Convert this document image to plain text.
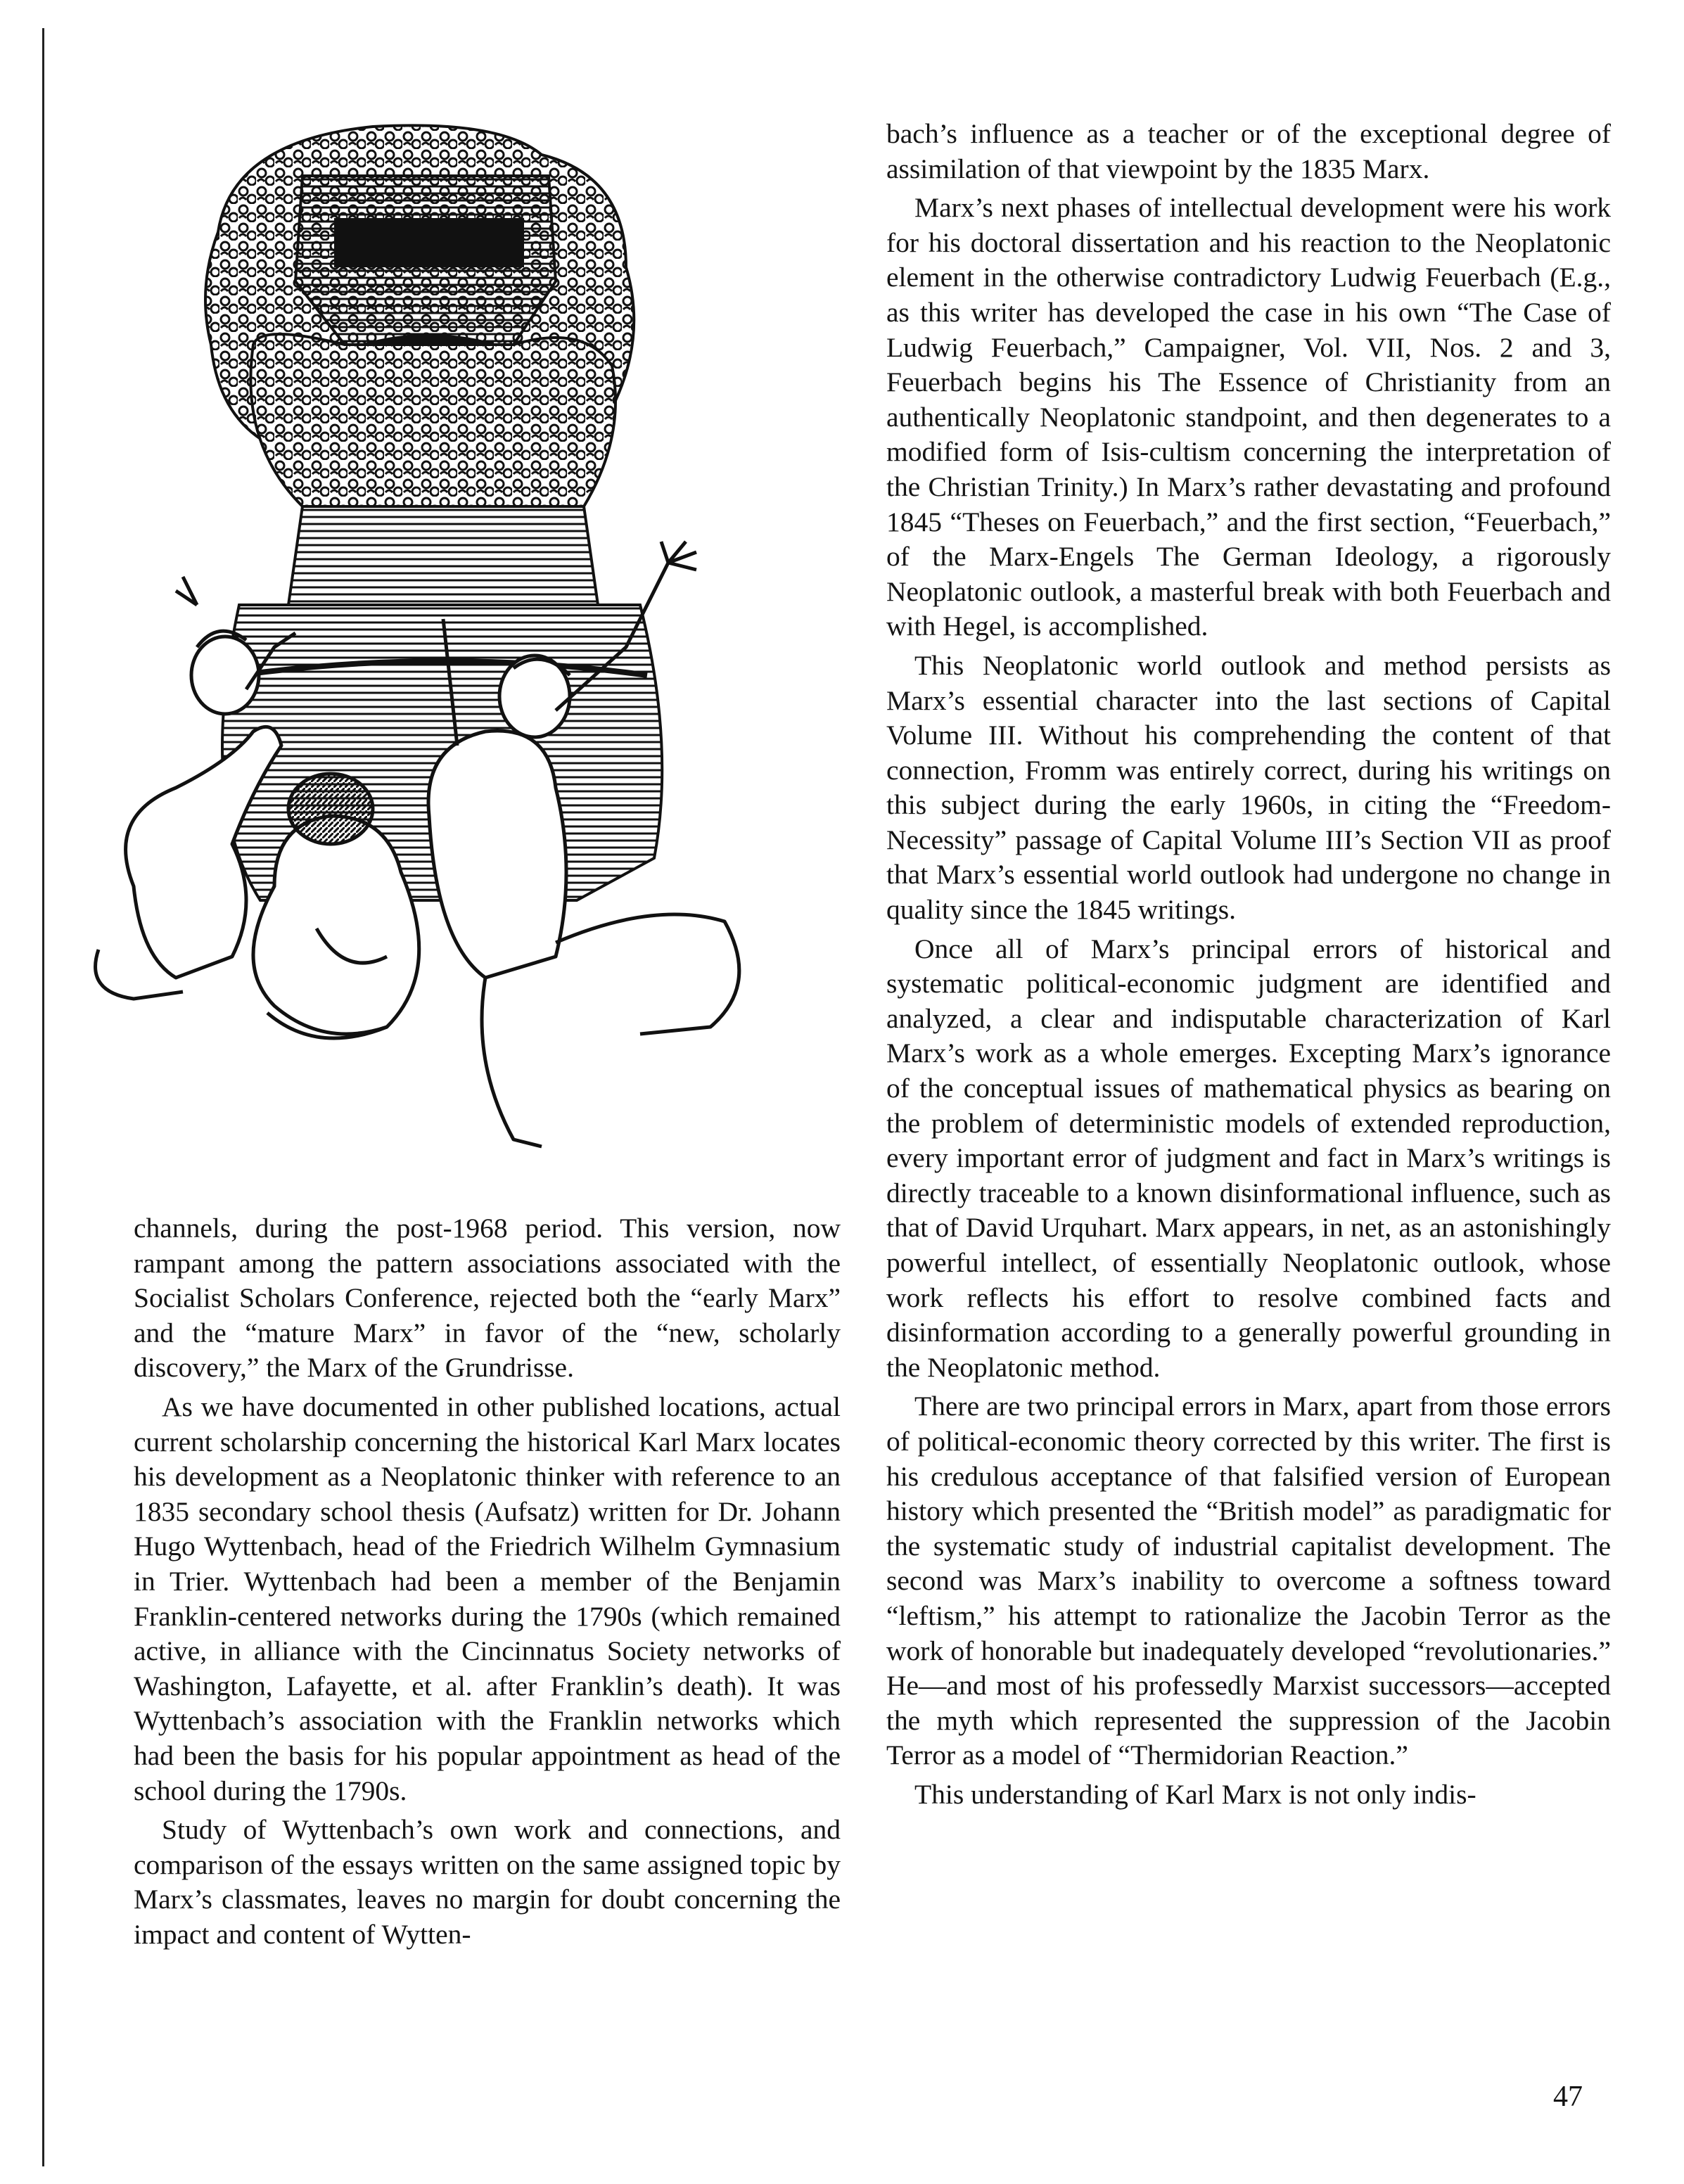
channels, during the post-1968 period. This version, now rampant among the pattern associations associated with the Socialist Scholars Conference, rejected both the “early Marx” and the “mature Marx” in favor of the “new, scholarly discovery,” the Marx of the Grundrisse.

As we have documented in other published locations, actual current scholarship concerning the historical Karl Marx locates his development as a Neoplatonic thinker with reference to an 1835 secondary school thesis (Aufsatz) written for Dr. Johann Hugo Wyttenbach, head of the Friedrich Wilhelm Gymnasium in Trier. Wyttenbach had been a member of the Benjamin Franklin-centered networks during the 1790s (which remained active, in alliance with the Cincinnatus Society networks of Washington, Lafayette, et al. after Franklin’s death). It was Wyttenbach’s association with the Franklin networks which had been the basis for his popular appointment as head of the school during the 1790s.

Study of Wyttenbach’s own work and connections, and comparison of the essays written on the same assigned topic by Marx’s classmates, leaves no margin for doubt concerning the impact and content of Wytten-

bach’s influence as a teacher or of the exceptional degree of assimilation of that viewpoint by the 1835 Marx.

Marx’s next phases of intellectual development were his work for his doctoral dissertation and his reaction to the Neoplatonic element in the otherwise contradictory Ludwig Feuerbach (E.g., as this writer has developed the case in his own “The Case of Ludwig Feuerbach,” Campaigner, Vol. VII, Nos. 2 and 3, Feuerbach begins his The Essence of Christianity from an authentically Neoplatonic standpoint, and then degenerates to a modified form of Isis-cultism concerning the interpretation of the Christian Trinity.) In Marx’s rather devastating and profound 1845 “Theses on Feuerbach,” and the first section, “Feuerbach,” of the Marx-Engels The German Ideology, a rigorously Neoplatonic outlook, a masterful break with both Feuerbach and with Hegel, is accomplished.

This Neoplatonic world outlook and method persists as Marx’s essential character into the last sections of Capital Volume III. Without his comprehending the content of that connection, Fromm was entirely correct, during his writings on this subject during the early 1960s, in citing the “Freedom-Necessity” passage of Capital Volume III’s Section VII as proof that Marx’s essential world outlook had undergone no change in quality since the 1845 writings.

Once all of Marx’s principal errors of historical and systematic political-economic judgment are identified and analyzed, a clear and indisputable characterization of Karl Marx’s work as a whole emerges. Excepting Marx’s ignorance of the conceptual issues of mathematical physics as bearing on the problem of deterministic models of extended reproduction, every important error of judgment and fact in Marx’s writings is directly traceable to a known disinformational influence, such as that of David Urquhart. Marx appears, in net, as an astonishingly powerful intellect, of essentially Neoplatonic outlook, whose work reflects his effort to resolve combined facts and disinformation according to a generally powerful grounding in the Neoplatonic method.

There are two principal errors in Marx, apart from those errors of political-economic theory corrected by this writer. The first is his credulous acceptance of that falsified version of European history which presented the “British model” as paradigmatic for the systematic study of industrial capitalist development. The second was Marx’s inability to overcome a softness toward “leftism,” his attempt to rationalize the Jacobin Terror as the work of honorable but inadequately developed “revolutionaries.” He—and most of his professedly Marxist successors—accepted the myth which represented the suppression of the Jacobin Terror as a model of “Thermidorian Reaction.”

This understanding of Karl Marx is not only indis-

47
